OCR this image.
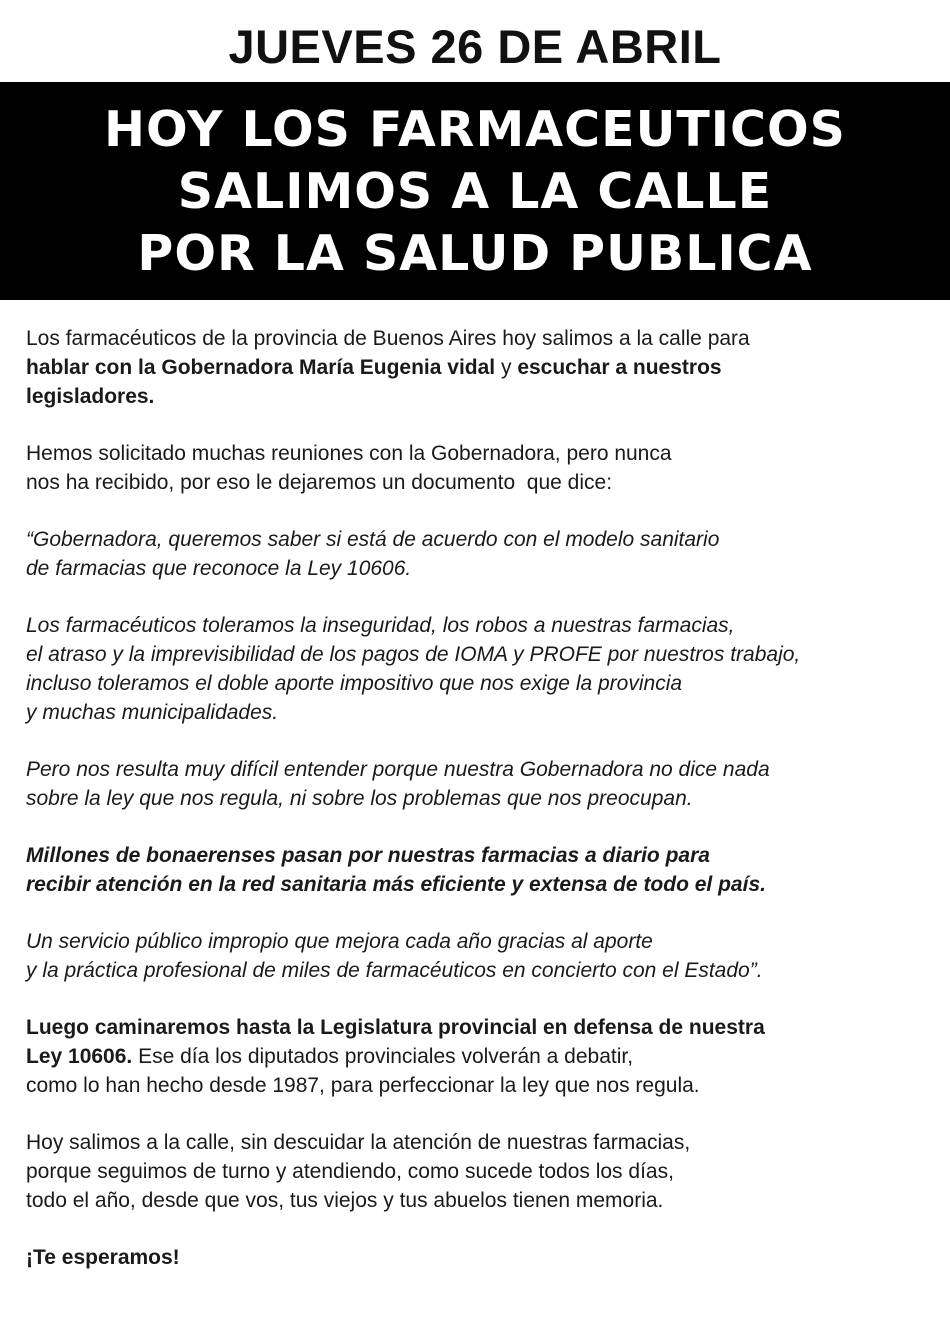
JUEVES 26 DE ABRIL
HOY LOS FARMACEUTICOS
SALIMOS A LA CALLE
POR LA SALUD PUBLICA
Los farmacéuticos de la provincia de Buenos Aires hoy salimos a la calle para
hablar con la Gobernadora María Eugenia vidal y escuchar a nuestros
legisladores.
Hemos solicitado muchas reuniones con la Gobernadora, pero nunca
nos ha recibido, por eso le dejaremos un documento  que dice:
“Gobernadora, queremos saber si está de acuerdo con el modelo sanitario
de farmacias que reconoce la Ley 10606.
Los farmacéuticos toleramos la inseguridad, los robos a nuestras farmacias,
el atraso y la imprevisibilidad de los pagos de IOMA y PROFE por nuestros trabajo,
incluso toleramos el doble aporte impositivo que nos exige la provincia
y muchas municipalidades.
Pero nos resulta muy difícil entender porque nuestra Gobernadora no dice nada
sobre la ley que nos regula, ni sobre los problemas que nos preocupan.
Millones de bonaerenses pasan por nuestras farmacias a diario para
recibir atención en la red sanitaria más eficiente y extensa de todo el país.
Un servicio público impropio que mejora cada año gracias al aporte
y la práctica profesional de miles de farmacéuticos en concierto con el Estado”.
Luego caminaremos hasta la Legislatura provincial en defensa de nuestra
Ley 10606. Ese día los diputados provinciales volverán a debatir,
como lo han hecho desde 1987, para perfeccionar la ley que nos regula.
Hoy salimos a la calle, sin descuidar la atención de nuestras farmacias,
porque seguimos de turno y atendiendo, como sucede todos los días,
todo el año, desde que vos, tus viejos y tus abuelos tienen memoria.
¡Te esperamos!
